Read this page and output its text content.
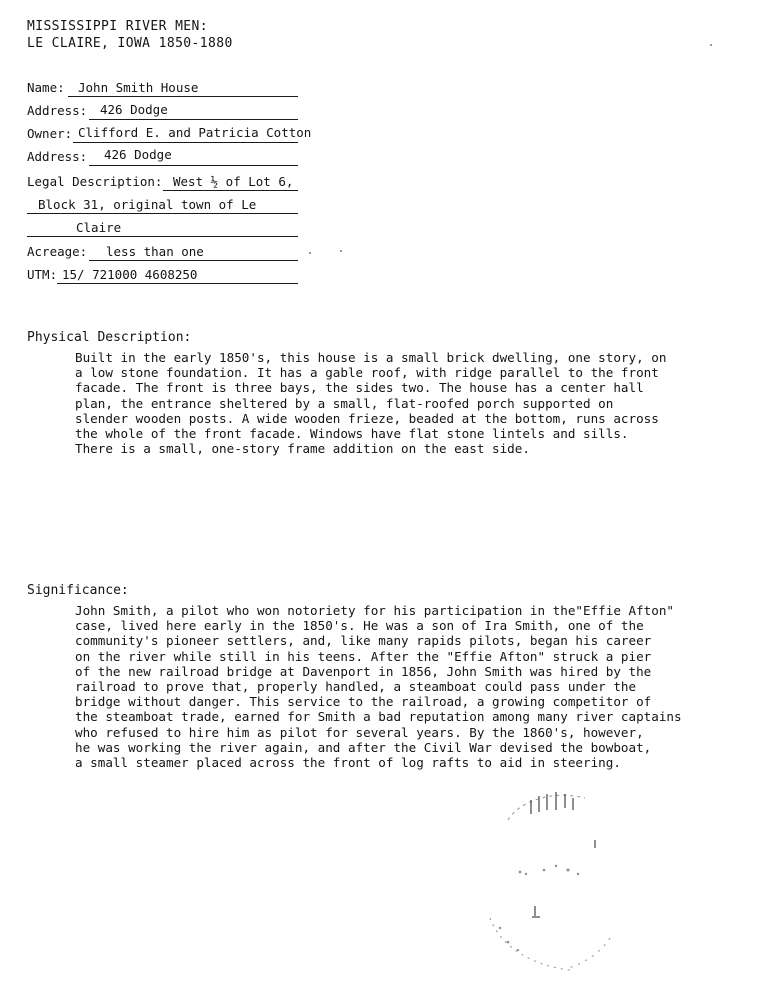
MISSISSIPPI RIVER MEN:
LE CLAIRE, IOWA 1850-1880
Name: John Smith House
Address: 426 Dodge
Owner: Clifford E. and Patricia Cotton
Address: 426 Dodge
Legal Description: West ½ of Lot 6,
Block 31, original town of Le
Claire
Acreage: less than one
UTM: 15/ 721000 4608250
Physical Description:
Built in the early 1850's, this house is a small brick dwelling, one story, on
a low stone foundation. It has a gable roof, with ridge parallel to the front
facade. The front is three bays, the sides two. The house has a center hall
plan, the entrance sheltered by a small, flat-roofed porch supported on
slender wooden posts. A wide wooden frieze, beaded at the bottom, runs across
the whole of the front facade. Windows have flat stone lintels and sills.
There is a small, one-story frame addition on the east side.
Significance:
John Smith, a pilot who won notoriety for his participation in the"Effie Afton"
case, lived here early in the 1850's. He was a son of Ira Smith, one of the
community's pioneer settlers, and, like many rapids pilots, began his career
on the river while still in his teens. After the "Effie Afton" struck a pier
of the new railroad bridge at Davenport in 1856, John Smith was hired by the
railroad to prove that, properly handled, a steamboat could pass under the
bridge without danger. This service to the railroad, a growing competitor of
the steamboat trade, earned for Smith a bad reputation among many river captains
who refused to hire him as pilot for several years. By the 1860's, however,
he was working the river again, and after the Civil War devised the bowboat,
a small steamer placed across the front of log rafts to aid in steering.
